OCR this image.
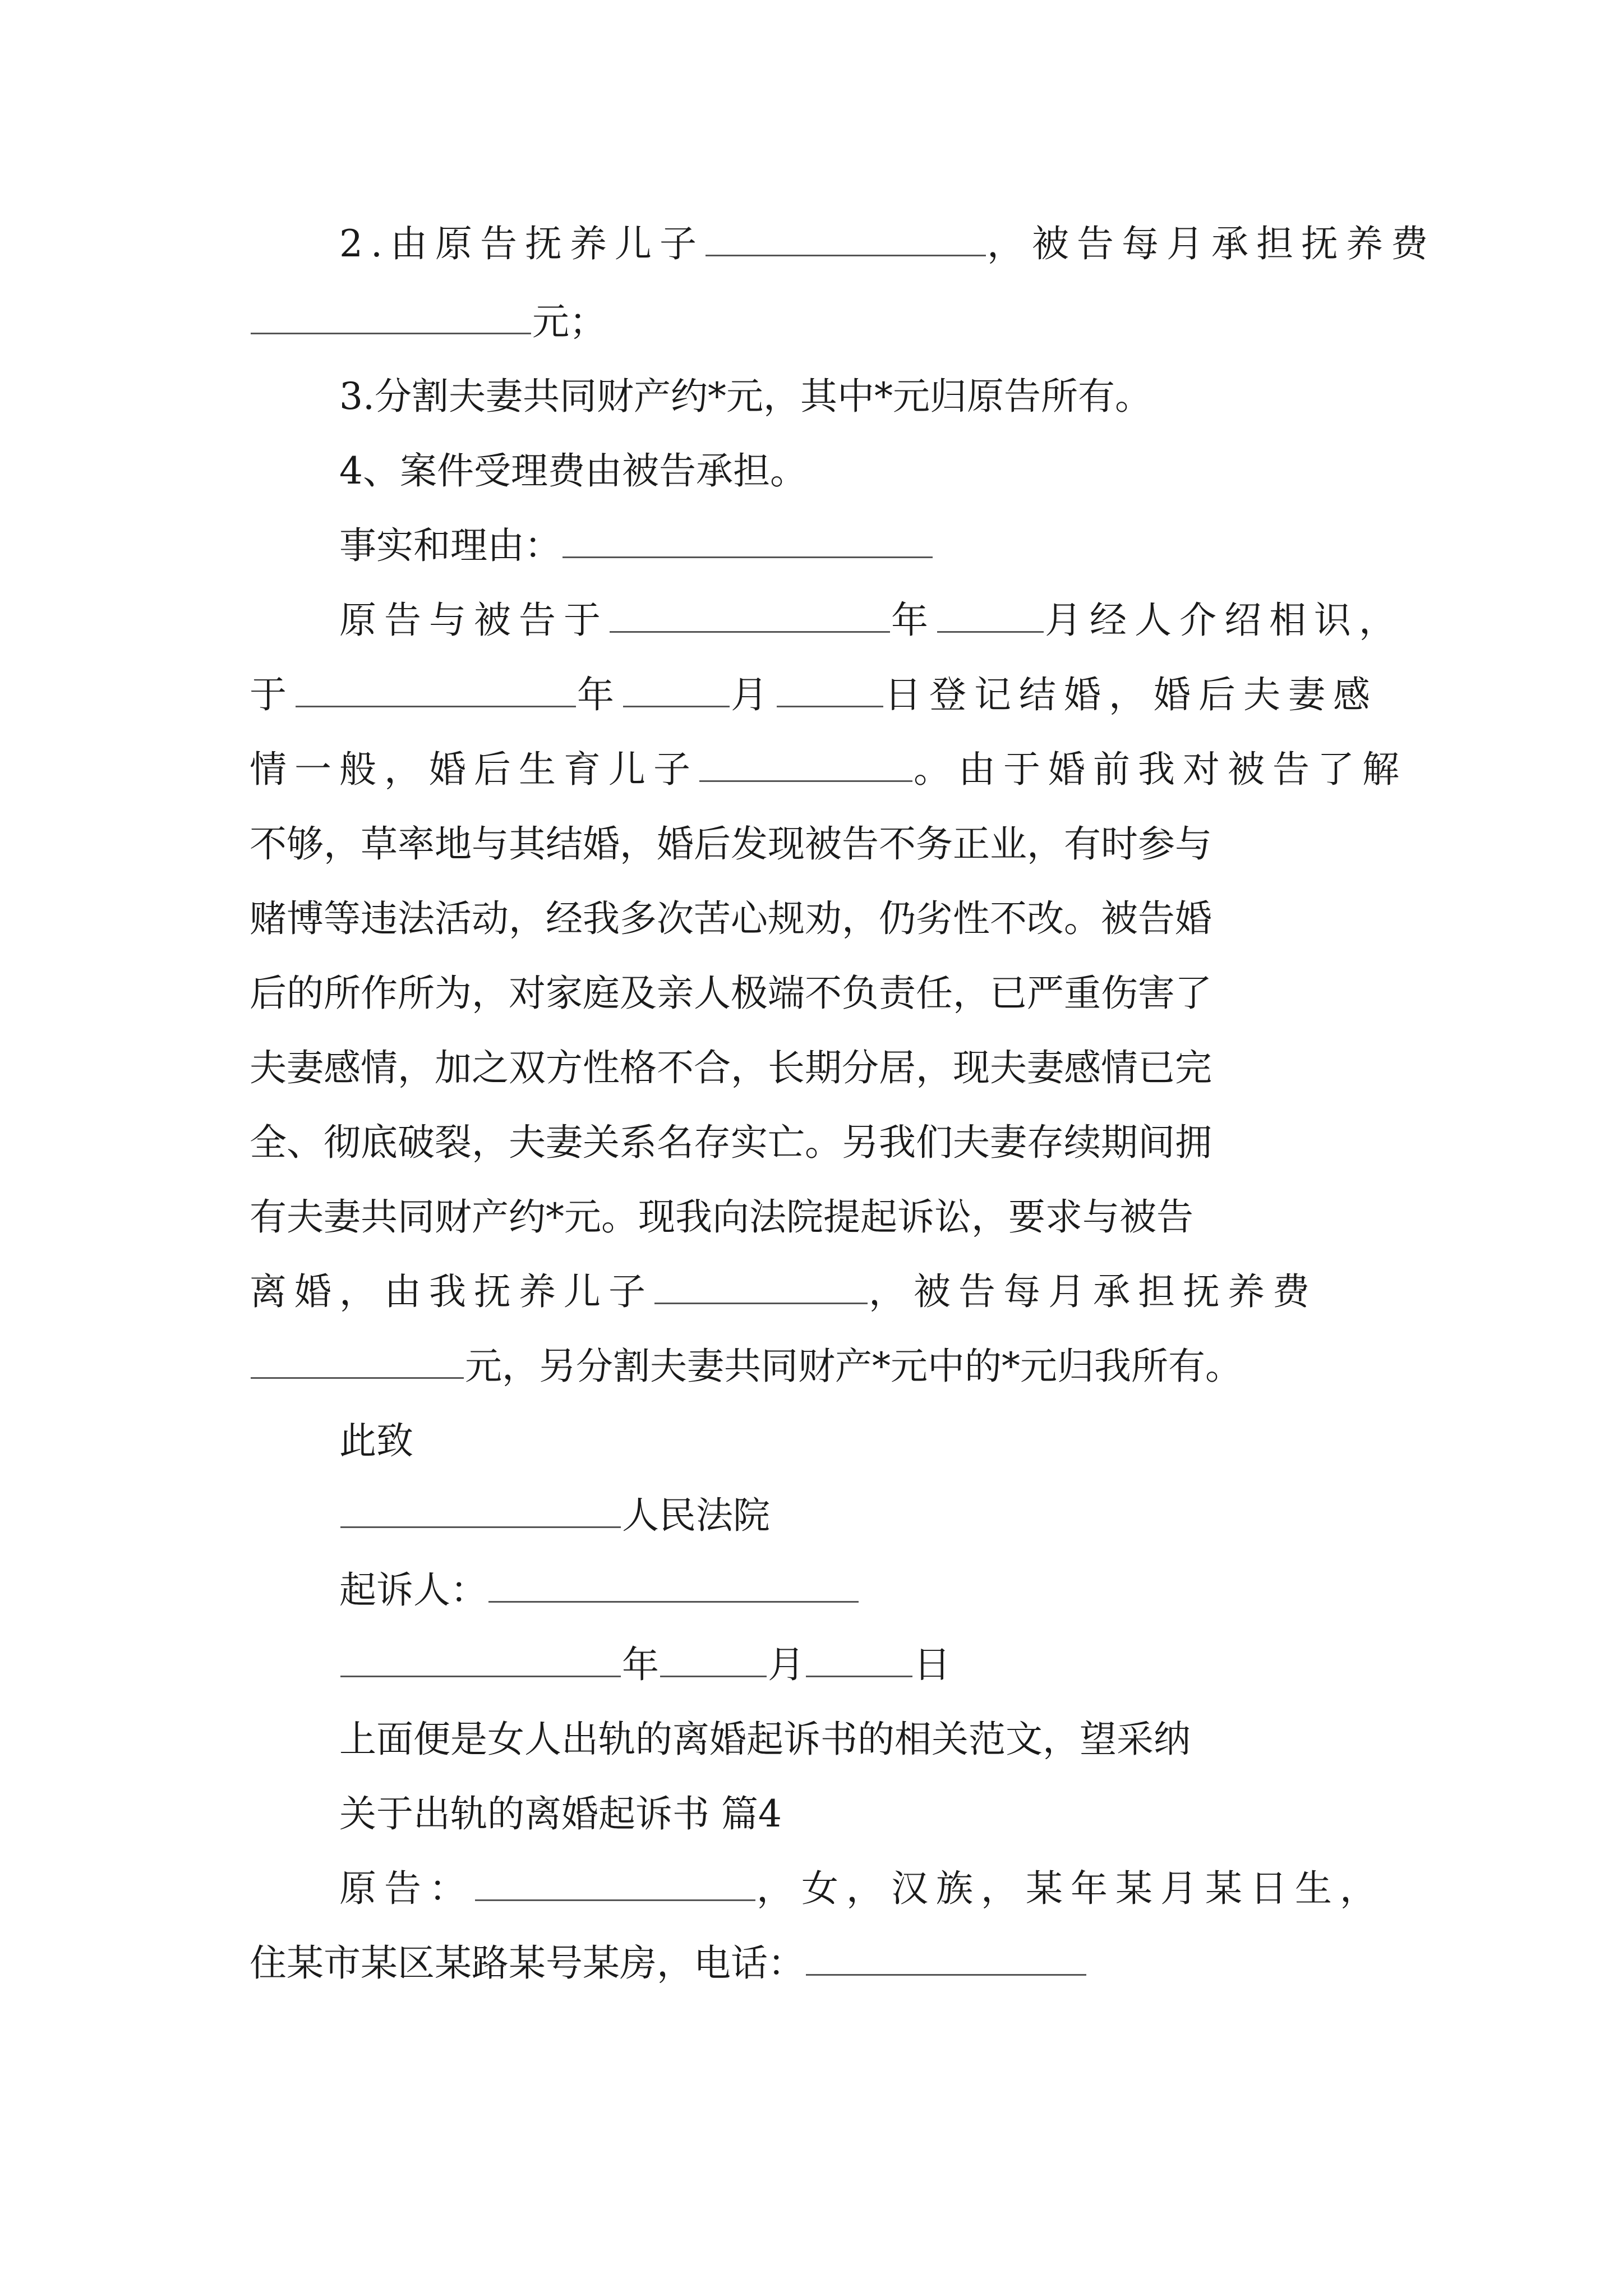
2.由原告抚养儿子	，被告每月承担抚养费
元；
3.分割夫妻共同财产约*元，其中*元归原告所有。
4、案件受理费由被告承担。
事实和理由：
原告与被告于	年	月经人介绍相识，
于	年	月	日登记结婚，婚后夫妻感
情一般，婚后生育儿子	。由于婚前我对被告了解
不够，草率地与其结婚，婚后发现被告不务正业，有时参与
赌博等违法活动，经我多次苦心规劝，仍劣性不改。被告婚
后的所作所为，对家庭及亲人极端不负责任，已严重伤害了
夫妻感情，加之双方性格不合，长期分居，现夫妻感情已完
全、彻底破裂，夫妻关系名存实亡。另我们夫妻存续期间拥
有夫妻共同财产约*元。现我向法院提起诉讼，要求与被告
离婚，由我抚养儿子	，被告每月承担抚养费
元，另分割夫妻共同财产*元中的*元归我所有。
此致
人民法院
起诉人：
年	月	日
上面便是女人出轨的离婚起诉书的相关范文，望采纳
关于出轨的离婚起诉书 篇4
原告：	，女，汉族，某年某月某日生，
住某市某区某路某号某房，电话：
